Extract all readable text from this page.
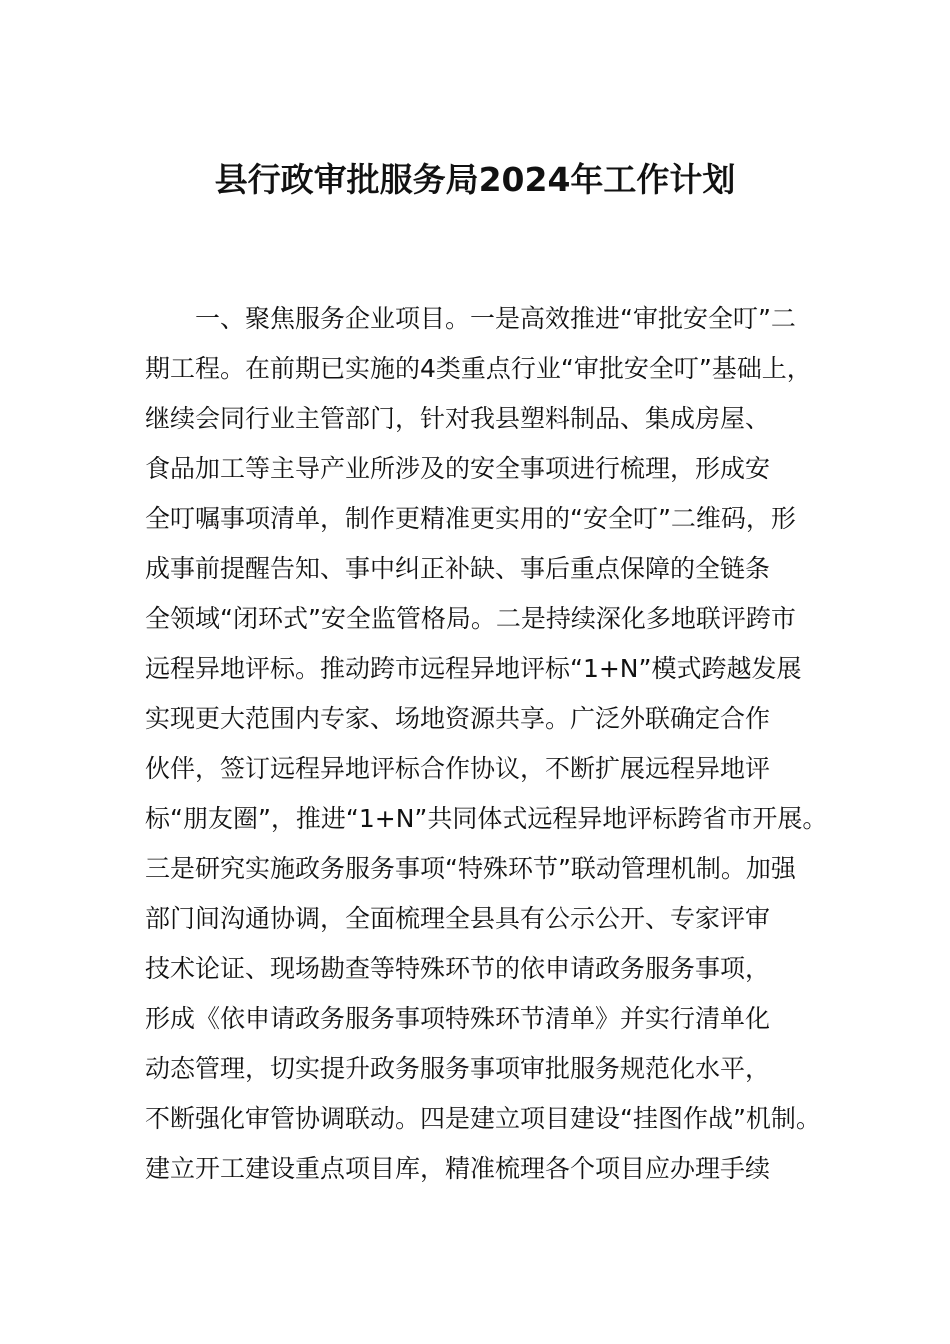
县行政审批服务局2024年工作计划
一、聚焦服务企业项目。一是高效推进“审批安全叮”二
期工程。在前期已实施的4类重点行业“审批安全叮”基础上，
继续会同行业主管部门，针对我县塑料制品、集成房屋、
食品加工等主导产业所涉及的安全事项进行梳理，形成安
全叮嘱事项清单，制作更精准更实用的“安全叮”二维码，形
成事前提醒告知、事中纠正补缺、事后重点保障的全链条
全领域“闭环式”安全监管格局。二是持续深化多地联评跨市
远程异地评标。推动跨市远程异地评标“1+N”模式跨越发展
实现更大范围内专家、场地资源共享。广泛外联确定合作
伙伴，签订远程异地评标合作协议，不断扩展远程异地评
标“朋友圈”，推进“1+N”共同体式远程异地评标跨省市开展。
三是研究实施政务服务事项“特殊环节”联动管理机制。加强
部门间沟通协调，全面梳理全县具有公示公开、专家评审
技术论证、现场勘查等特殊环节的依申请政务服务事项，
形成《依申请政务服务事项特殊环节清单》并实行清单化
动态管理，切实提升政务服务事项审批服务规范化水平，
不断强化审管协调联动。四是建立项目建设“挂图作战”机制。
建立开工建设重点项目库，精准梳理各个项目应办理手续
